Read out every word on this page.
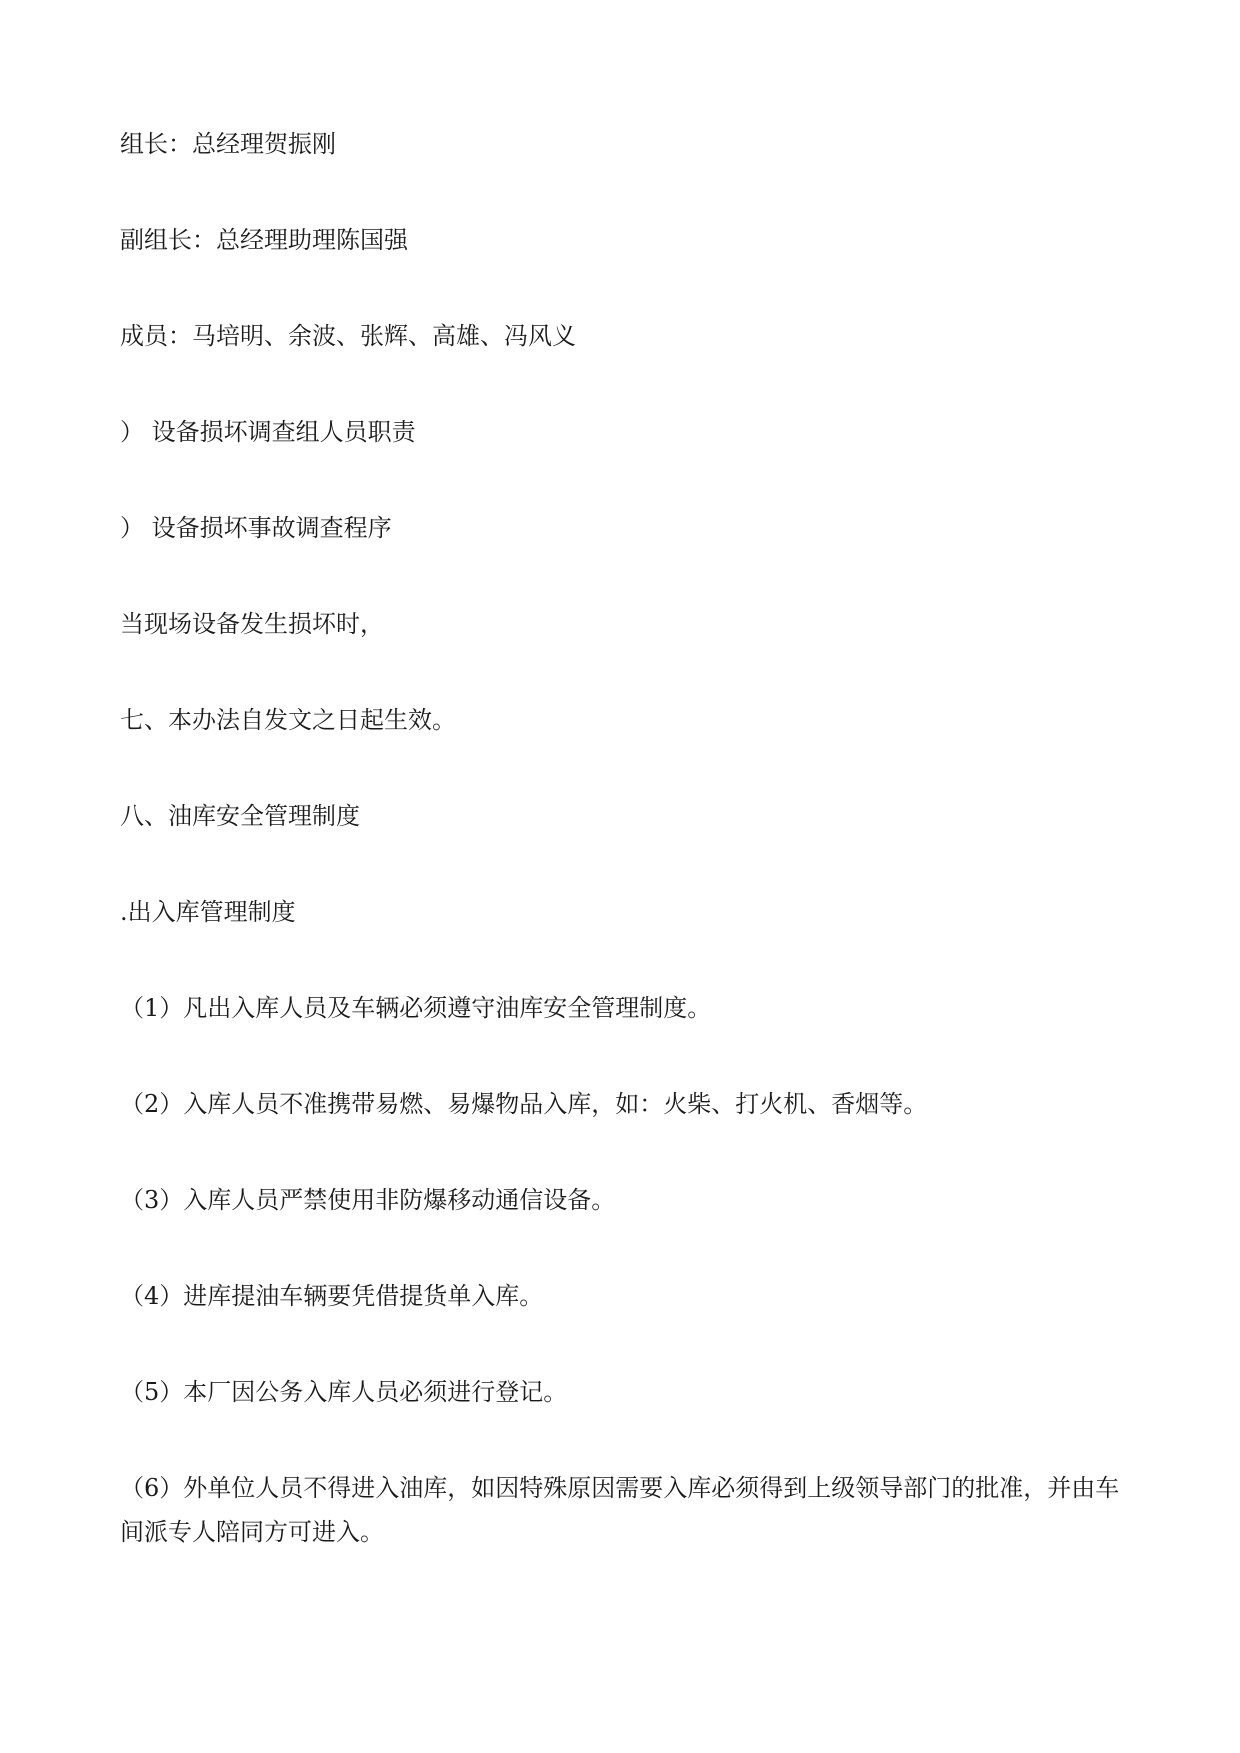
组长：总经理贺振刚

副组长：总经理助理陈国强

成员：马培明、余波、张辉、高雄、冯风义

） 设备损坏调查组人员职责

） 设备损坏事故调查程序

当现场设备发生损坏时，

七、本办法自发文之日起生效。

八、油库安全管理制度

.出入库管理制度

（1）凡出入库人员及车辆必须遵守油库安全管理制度。

（2）入库人员不准携带易燃、易爆物品入库，如：火柴、打火机、香烟等。

（3）入库人员严禁使用非防爆移动通信设备。

（4）进库提油车辆要凭借提货单入库。

（5）本厂因公务入库人员必须进行登记。

（6）外单位人员不得进入油库，如因特殊原因需要入库必须得到上级领导部门的批准，并由车间派专人陪同方可进入。
